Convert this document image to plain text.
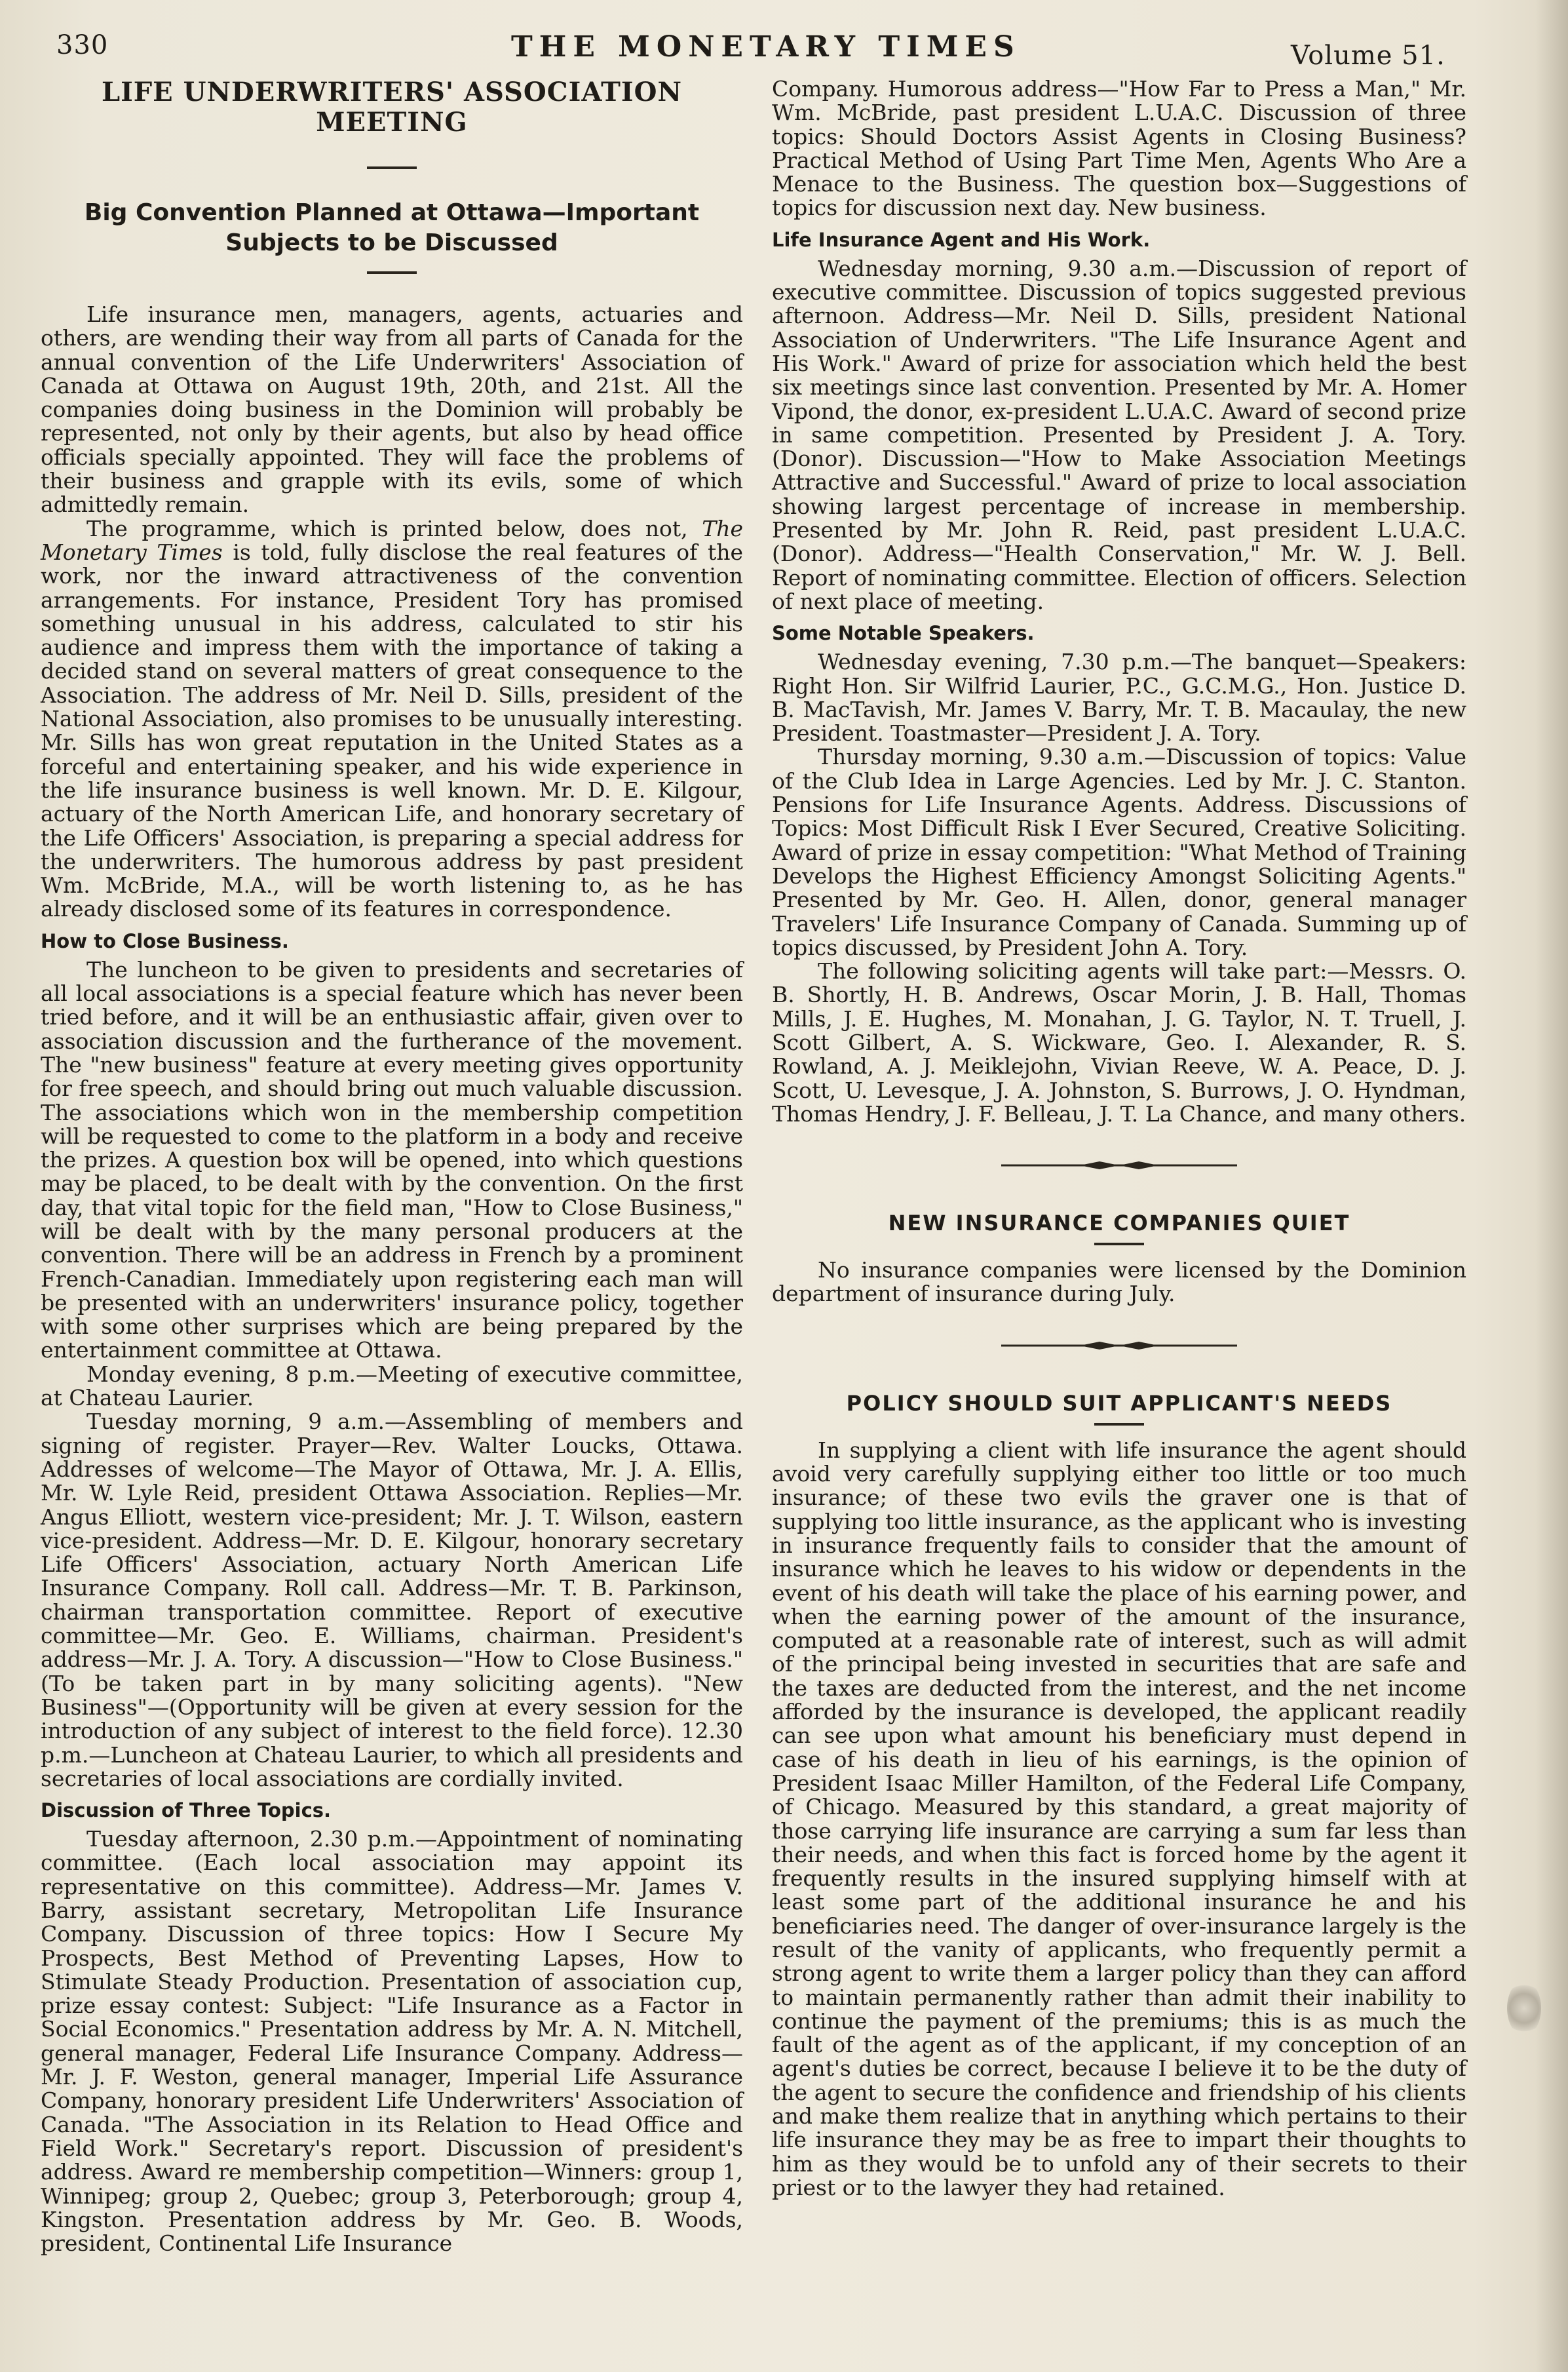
330	THE MONETARY TIMES	Volume 51.
LIFE UNDERWRITERS' ASSOCIATION MEETING
Big Convention Planned at Ottawa—Important Subjects to be Discussed

Life insurance men, managers, agents, actuaries and others, are wending their way from all parts of Canada for the annual convention of the Life Underwriters' Association of Canada at Ottawa on August 19th, 20th, and 21st. All the companies doing business in the Dominion will probably be represented, not only by their agents, but also by head office officials specially appointed. They will face the problems of their business and grapple with its evils, some of which admittedly remain.

The programme, which is printed below, does not, The Monetary Times is told, fully disclose the real features of the work, nor the inward attractiveness of the convention arrangements. For instance, President Tory has promised something unusual in his address, calculated to stir his audience and impress them with the importance of taking a decided stand on several matters of great consequence to the Association. The address of Mr. Neil D. Sills, president of the National Association, also promises to be unusually interesting. Mr. Sills has won great reputation in the United States as a forceful and entertaining speaker, and his wide experience in the life insurance business is well known. Mr. D. E. Kilgour, actuary of the North American Life, and honorary secretary of the Life Officers' Association, is preparing a special address for the underwriters. The humorous address by past president Wm. McBride, M.A., will be worth listening to, as he has already disclosed some of its features in correspondence.

How to Close Business.

The luncheon to be given to presidents and secretaries of all local associations is a special feature which has never been tried before, and it will be an enthusiastic affair, given over to association discussion and the furtherance of the movement. The "new business" feature at every meeting gives opportunity for free speech, and should bring out much valuable discussion. The associations which won in the membership competition will be requested to come to the platform in a body and receive the prizes. A question box will be opened, into which questions may be placed, to be dealt with by the convention. On the first day, that vital topic for the field man, "How to Close Business," will be dealt with by the many personal producers at the convention. There will be an address in French by a prominent French-Canadian. Immediately upon registering each man will be presented with an underwriters' insurance policy, together with some other surprises which are being prepared by the entertainment committee at Ottawa.

Monday evening, 8 p.m.—Meeting of executive committee, at Chateau Laurier.

Tuesday morning, 9 a.m.—Assembling of members and signing of register. Prayer—Rev. Walter Loucks, Ottawa. Addresses of welcome—The Mayor of Ottawa, Mr. J. A. Ellis, Mr. W. Lyle Reid, president Ottawa Association. Replies—Mr. Angus Elliott, western vice-president; Mr. J. T. Wilson, eastern vice-president. Address—Mr. D. E. Kilgour, honorary secretary Life Officers' Association, actuary North American Life Insurance Company. Roll call. Address—Mr. T. B. Parkinson, chairman transportation committee. Report of executive committee—Mr. Geo. E. Williams, chairman. President's address—Mr. J. A. Tory. A discussion—"How to Close Business." (To be taken part in by many soliciting agents). "New Business"—(Opportunity will be given at every session for the introduction of any subject of interest to the field force). 12.30 p.m.—Luncheon at Chateau Laurier, to which all presidents and secretaries of local associations are cordially invited.

Discussion of Three Topics.

Tuesday afternoon, 2.30 p.m.—Appointment of nominating committee. (Each local association may appoint its representative on this committee). Address—Mr. James V. Barry, assistant secretary, Metropolitan Life Insurance Company. Discussion of three topics: How I Secure My Prospects, Best Method of Preventing Lapses, How to Stimulate Steady Production. Presentation of association cup, prize essay contest: Subject: "Life Insurance as a Factor in Social Economics." Presentation address by Mr. A. N. Mitchell, general manager, Federal Life Insurance Company. Address—Mr. J. F. Weston, general manager, Imperial Life Assurance Company, honorary president Life Underwriters' Association of Canada. "The Association in its Relation to Head Office and Field Work." Secretary's report. Discussion of president's address. Award re membership competition—Winners: group 1, Winnipeg; group 2, Quebec; group 3, Peterborough; group 4, Kingston. Presentation address by Mr. Geo. B. Woods, president, Continental Life Insurance

Company. Humorous address—"How Far to Press a Man," Mr. Wm. McBride, past president L.U.A.C. Discussion of three topics: Should Doctors Assist Agents in Closing Business? Practical Method of Using Part Time Men, Agents Who Are a Menace to the Business. The question box—Suggestions of topics for discussion next day. New business.

Life Insurance Agent and His Work.

Wednesday morning, 9.30 a.m.—Discussion of report of executive committee. Discussion of topics suggested previous afternoon. Address—Mr. Neil D. Sills, president National Association of Underwriters. "The Life Insurance Agent and His Work." Award of prize for association which held the best six meetings since last convention. Presented by Mr. A. Homer Vipond, the donor, ex-president L.U.A.C. Award of second prize in same competition. Presented by President J. A. Tory. (Donor). Discussion—"How to Make Association Meetings Attractive and Successful." Award of prize to local association showing largest percentage of increase in membership. Presented by Mr. John R. Reid, past president L.U.A.C. (Donor). Address—"Health Conservation," Mr. W. J. Bell. Report of nominating committee. Election of officers. Selection of next place of meeting.

Some Notable Speakers.

Wednesday evening, 7.30 p.m.—The banquet—Speakers: Right Hon. Sir Wilfrid Laurier, P.C., G.C.M.G., Hon. Justice D. B. MacTavish, Mr. James V. Barry, Mr. T. B. Macaulay, the new President. Toastmaster—President J. A. Tory.

Thursday morning, 9.30 a.m.—Discussion of topics: Value of the Club Idea in Large Agencies. Led by Mr. J. C. Stanton. Pensions for Life Insurance Agents. Address. Discussions of Topics: Most Difficult Risk I Ever Secured, Creative Soliciting. Award of prize in essay competition: "What Method of Training Develops the Highest Efficiency Amongst Soliciting Agents." Presented by Mr. Geo. H. Allen, donor, general manager Travelers' Life Insurance Company of Canada. Summing up of topics discussed, by President John A. Tory.

The following soliciting agents will take part:—Messrs. O. B. Shortly, H. B. Andrews, Oscar Morin, J. B. Hall, Thomas Mills, J. E. Hughes, M. Monahan, J. G. Taylor, N. T. Truell, J. Scott Gilbert, A. S. Wickware, Geo. I. Alexander, R. S. Rowland, A. J. Meiklejohn, Vivian Reeve, W. A. Peace, D. J. Scott, U. Levesque, J. A. Johnston, S. Burrows, J. O. Hyndman, Thomas Hendry, J. F. Belleau, J. T. La Chance, and many others.

NEW INSURANCE COMPANIES QUIET

No insurance companies were licensed by the Dominion department of insurance during July.

POLICY SHOULD SUIT APPLICANT'S NEEDS

In supplying a client with life insurance the agent should avoid very carefully supplying either too little or too much insurance; of these two evils the graver one is that of supplying too little insurance, as the applicant who is investing in insurance frequently fails to consider that the amount of insurance which he leaves to his widow or dependents in the event of his death will take the place of his earning power, and when the earning power of the amount of the insurance, computed at a reasonable rate of interest, such as will admit of the principal being invested in securities that are safe and the taxes are deducted from the interest, and the net income afforded by the insurance is developed, the applicant readily can see upon what amount his beneficiary must depend in case of his death in lieu of his earnings, is the opinion of President Isaac Miller Hamilton, of the Federal Life Company, of Chicago. Measured by this standard, a great majority of those carrying life insurance are carrying a sum far less than their needs, and when this fact is forced home by the agent it frequently results in the insured supplying himself with at least some part of the additional insurance he and his beneficiaries need. The danger of over-insurance largely is the result of the vanity of applicants, who frequently permit a strong agent to write them a larger policy than they can afford to maintain permanently rather than admit their inability to continue the payment of the premiums; this is as much the fault of the agent as of the applicant, if my conception of an agent's duties be correct, because I believe it to be the duty of the agent to secure the confidence and friendship of his clients and make them realize that in anything which pertains to their life insurance they may be as free to impart their thoughts to him as they would be to unfold any of their secrets to their priest or to the lawyer they had retained.
